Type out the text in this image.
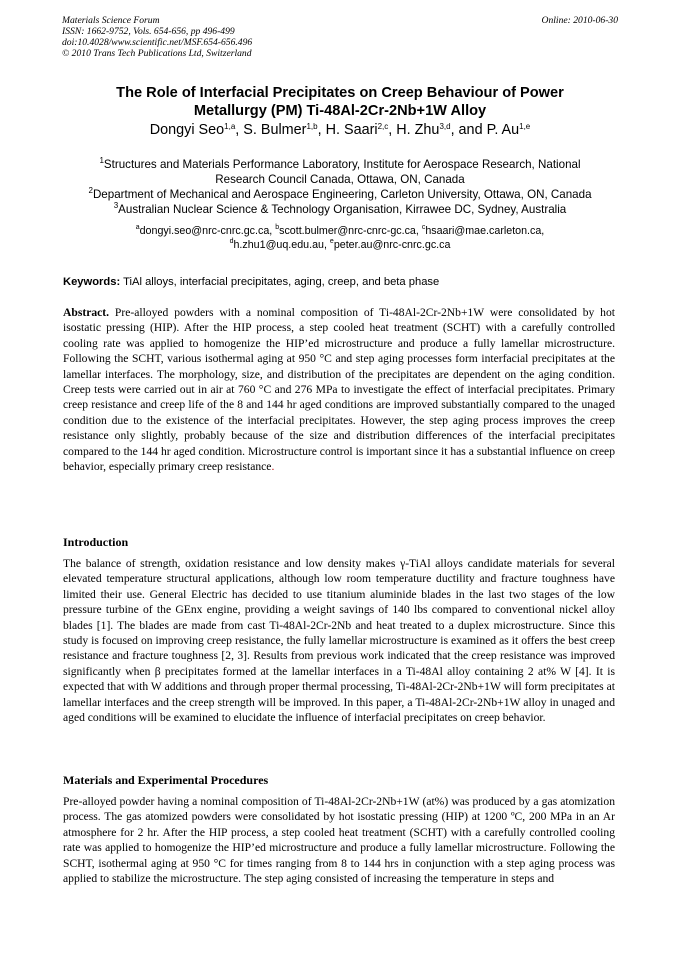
Materials Science Forum
ISSN: 1662-9752, Vols. 654-656, pp 496-499
doi:10.4028/www.scientific.net/MSF.654-656.496
© 2010 Trans Tech Publications Ltd, Switzerland
Online: 2010-06-30
The Role of Interfacial Precipitates on Creep Behaviour of Power
Metallurgy (PM) Ti-48Al-2Cr-2Nb+1W Alloy
Dongyi Seo$^{1,a}$, S. Bulmer$^{1,b}$, H. Saari$^{2,c}$, H. Zhu$^{3,d}$, and P. Au$^{1,e}$
$^1$Structures and Materials Performance Laboratory, Institute for Aerospace Research, National
Research Council Canada, Ottawa, ON, Canada
$^2$Department of Mechanical and Aerospace Engineering, Carleton University, Ottawa, ON, Canada
$^3$Australian Nuclear Science & Technology Organisation, Kirrawee DC, Sydney, Australia
$^a$dongyi.seo@nrc-cnrc.gc.ca, $^b$scott.bulmer@nrc-cnrc-gc.ca, $^c$hsaari@mae.carleton.ca,
$^d$h.zhu1@uq.edu.au, $^e$peter.au@nrc-cnrc.gc.ca
Keywords: TiAl alloys, interfacial precipitates, aging, creep, and beta phase
Abstract. Pre-alloyed powders with a nominal composition of Ti-48Al-2Cr-2Nb+1W were consolidated by hot isostatic pressing (HIP). After the HIP process, a step cooled heat treatment (SCHT) with a carefully controlled cooling rate was applied to homogenize the HIP’ed microstructure and produce a fully lamellar microstructure. Following the SCHT, various isothermal aging at 950 °C and step aging processes form interfacial precipitates at the lamellar interfaces. The morphology, size, and distribution of the precipitates are dependent on the aging condition. Creep tests were carried out in air at 760 °C and 276 MPa to investigate the effect of interfacial precipitates. Primary creep resistance and creep life of the 8 and 144 hr aged conditions are improved substantially compared to the unaged condition due to the existence of the interfacial precipitates. However, the step aging process improves the creep resistance only slightly, probably because of the size and distribution differences of the interfacial precipitates compared to the 144 hr aged condition. Microstructure control is important since it has a substantial influence on creep behavior, especially primary creep resistance.
Introduction
The balance of strength, oxidation resistance and low density makes γ-TiAl alloys candidate materials for several elevated temperature structural applications, although low room temperature ductility and fracture toughness have limited their use. General Electric has decided to use titanium aluminide blades in the last two stages of the low pressure turbine of the GEnx engine, providing a weight savings of 140 lbs compared to conventional nickel alloy blades [1]. The blades are made from cast Ti-48Al-2Cr-2Nb and heat treated to a duplex microstructure. Since this study is focused on improving creep resistance, the fully lamellar microstructure is examined as it offers the best creep resistance and fracture toughness [2, 3]. Results from previous work indicated that the creep resistance was improved significantly when β precipitates formed at the lamellar interfaces in a Ti-48Al alloy containing 2 at% W [4]. It is expected that with W additions and through proper thermal processing, Ti-48Al-2Cr-2Nb+1W will form precipitates at lamellar interfaces and the creep strength will be improved. In this paper, a Ti-48Al-2Cr-2Nb+1W alloy in unaged and aged conditions will be examined to elucidate the influence of interfacial precipitates on creep behavior.
Materials and Experimental Procedures
Pre-alloyed powder having a nominal composition of Ti-48Al-2Cr-2Nb+1W (at%) was produced by a gas atomization process. The gas atomized powders were consolidated by hot isostatic pressing (HIP) at 1200 ºC, 200 MPa in an Ar atmosphere for 2 hr. After the HIP process, a step cooled heat treatment (SCHT) with a carefully controlled cooling rate was applied to homogenize the HIP’ed microstructure and produce a fully lamellar microstructure. Following the SCHT, isothermal aging at 950 °C for times ranging from 8 to 144 hrs in conjunction with a step aging process was applied to stabilize the microstructure. The step aging consisted of increasing the temperature in steps and
